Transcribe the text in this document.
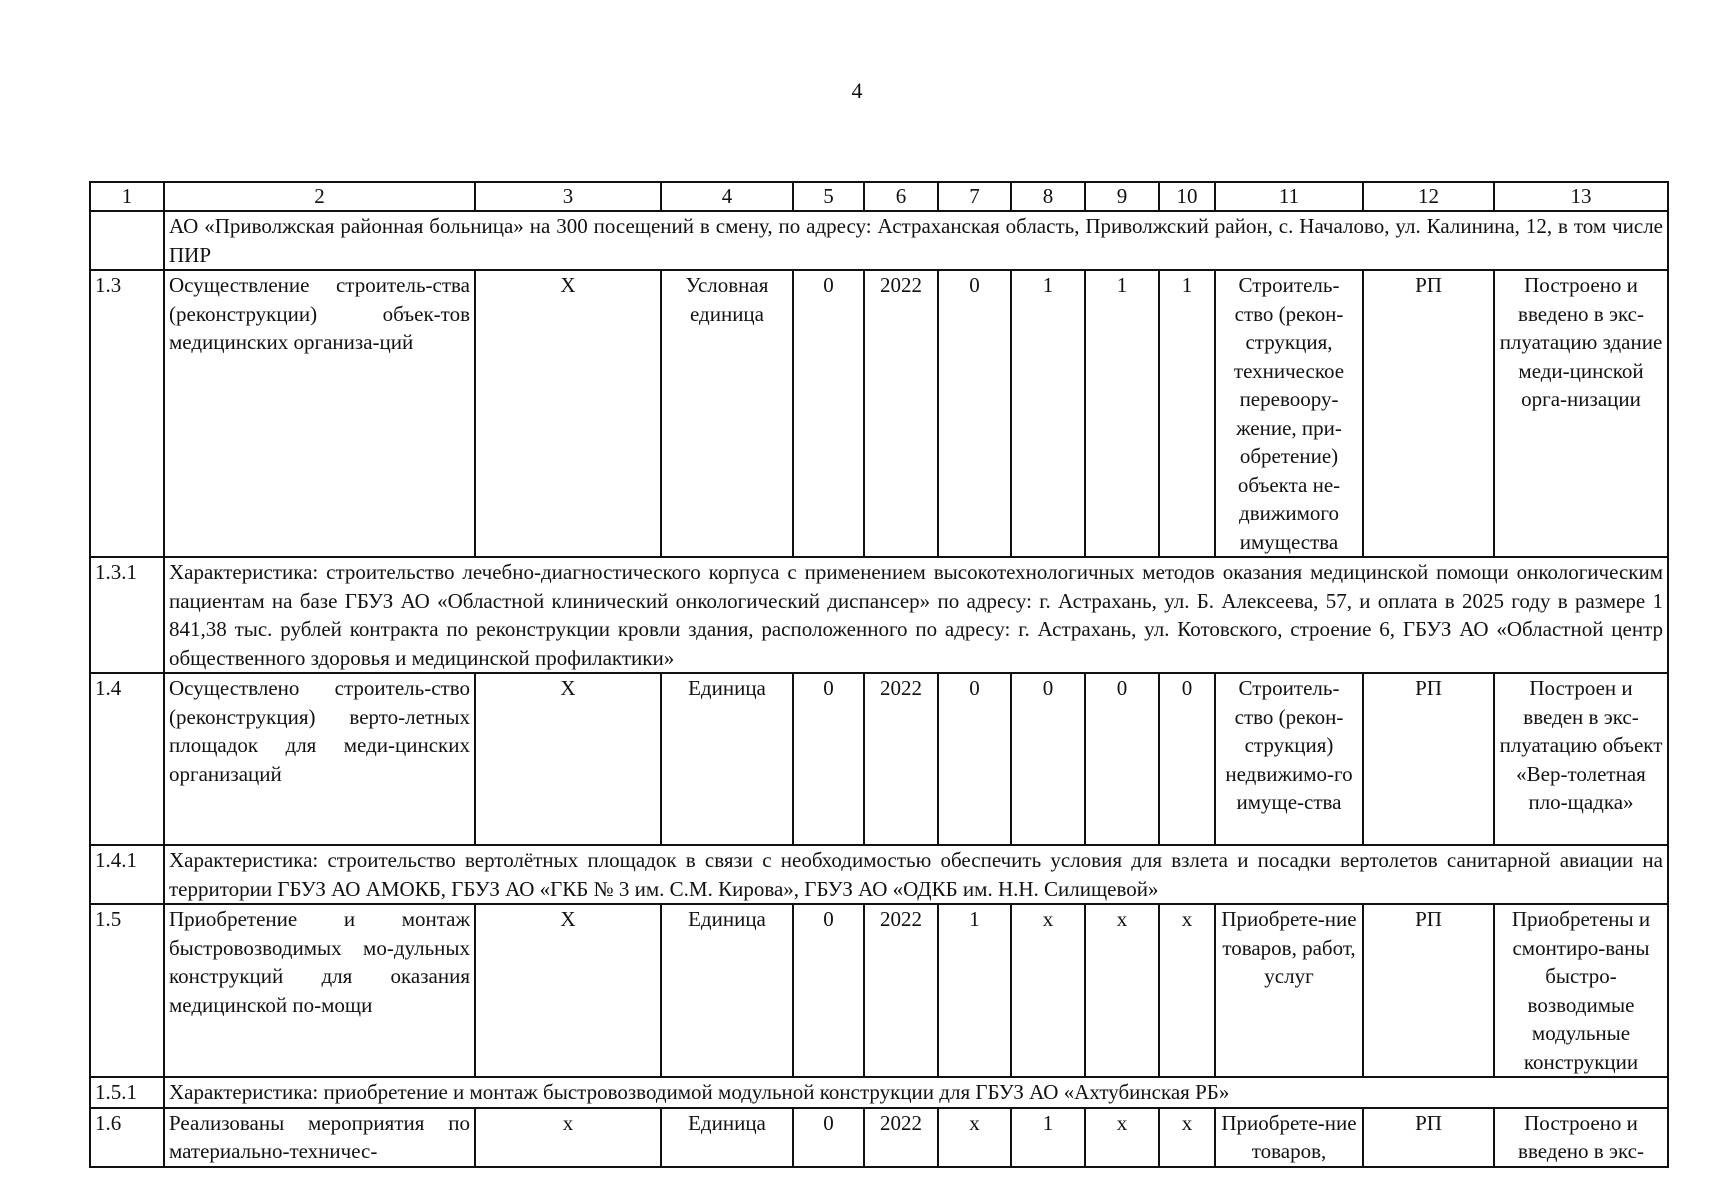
4
1	2	3	4	5	6	7	8	9	10	11	12	13
	АО «Приволжская районная больница» на 300 посещений в смену, по адресу: Астраханская область, Приволжский район, с. Началово, ул. Калинина, 12, в том числе ПИР											
1.3	Осуществление строитель-ства (реконструкции) объек-тов медицинских организа-ций	Х	Условная единица	0	2022	0	1	1	1	Строитель-ство (рекон-струкция, техническое перевоору-жение, при-обретение) объекта не-движимого имущества	РП	Построено и введено в экс-плуатацию здание меди-цинской орга-низации
1.3.1	Характеристика: строительство лечебно-диагностического корпуса с применением высокотехнологичных методов оказания медицинской помощи онкологическим пациентам на базе ГБУЗ АО «Областной клинический онкологический диспансер» по адресу: г. Астрахань, ул. Б. Алексеева, 57, и оплата в 2025 году в размере 1 841,38 тыс. рублей контракта по реконструкции кровли здания, расположенного по адресу: г. Астрахань, ул. Котовского, строение 6, ГБУЗ АО «Областной центр общественного здоровья и медицинской профилактики»											
1.4	Осуществлено строитель-ство (реконструкция) верто-летных площадок для меди-цинских организаций	Х	Единица	0	2022	0	0	0	0	Строитель-ство (рекон-струкция) недвижимо-го имуще-ства	РП	Построен и введен в экс-плуатацию объект «Вер-толетная пло-щадка»
1.4.1	Характеристика: строительство вертолётных площадок в связи с необходимостью обеспечить условия для взлета и посадки вертолетов санитарной авиации на территории ГБУЗ АО АМОКБ, ГБУЗ АО «ГКБ № 3 им. С.М. Кирова», ГБУЗ АО «ОДКБ им. Н.Н. Силищевой»											
1.5	Приобретение и монтаж быстровозводимых мо-дульных конструкций для оказания медицинской по-мощи	Х	Единица	0	2022	1	х	х	х	Приобрете-ние товаров, работ, услуг	РП	Приобретены и смонтиро-ваны быстро-возводимые модульные конструкции
1.5.1	Характеристика: приобретение и монтаж быстровозводимой модульной конструкции для ГБУЗ АО «Ахтубинская РБ»											
1.6	Реализованы мероприятия по материально-техничес-	х	Единица	0	2022	х	1	х	х	Приобрете-ние товаров,	РП	Построено и введено в экс-
